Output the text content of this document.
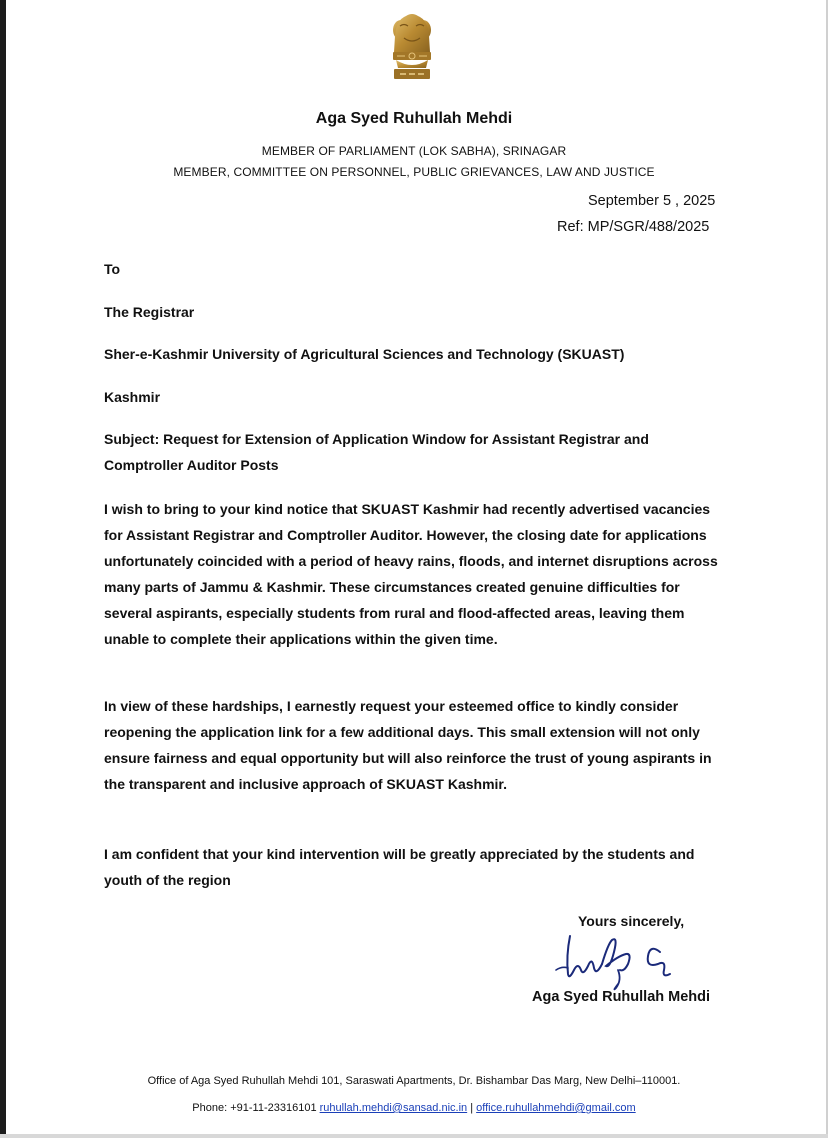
Aga Syed Ruhullah Mehdi

MEMBER OF PARLIAMENT (LOK SABHA), SRINAGAR

MEMBER, COMMITTEE ON PERSONNEL, PUBLIC GRIEVANCES, LAW AND JUSTICE

September 5 , 2025

Ref: MP/SGR/488/2025

To

The Registrar

Sher-e-Kashmir University of Agricultural Sciences and Technology (SKUAST)

Kashmir

Subject: Request for Extension of Application Window for Assistant Registrar and Comptroller Auditor Posts

I wish to bring to your kind notice that SKUAST Kashmir had recently advertised vacancies for Assistant Registrar and Comptroller Auditor. However, the closing date for applications unfortunately coincided with a period of heavy rains, floods, and internet disruptions across many parts of Jammu & Kashmir. These circumstances created genuine difficulties for several aspirants, especially students from rural and flood-affected areas, leaving them unable to complete their applications within the given time.

In view of these hardships, I earnestly request your esteemed office to kindly consider reopening the application link for a few additional days. This small extension will not only ensure fairness and equal opportunity but will also reinforce the trust of young aspirants in the transparent and inclusive approach of SKUAST Kashmir.

I am confident that your kind intervention will be greatly appreciated by the students and youth of the region

Yours sincerely,

Aga Syed Ruhullah Mehdi

Office of Aga Syed Ruhullah Mehdi 101, Saraswati Apartments, Dr. Bishambar Das Marg, New Delhi–110001.

Phone: +91-11-23316101 ruhullah.mehdi@sansad.nic.in | office.ruhullahmehdi@gmail.com
